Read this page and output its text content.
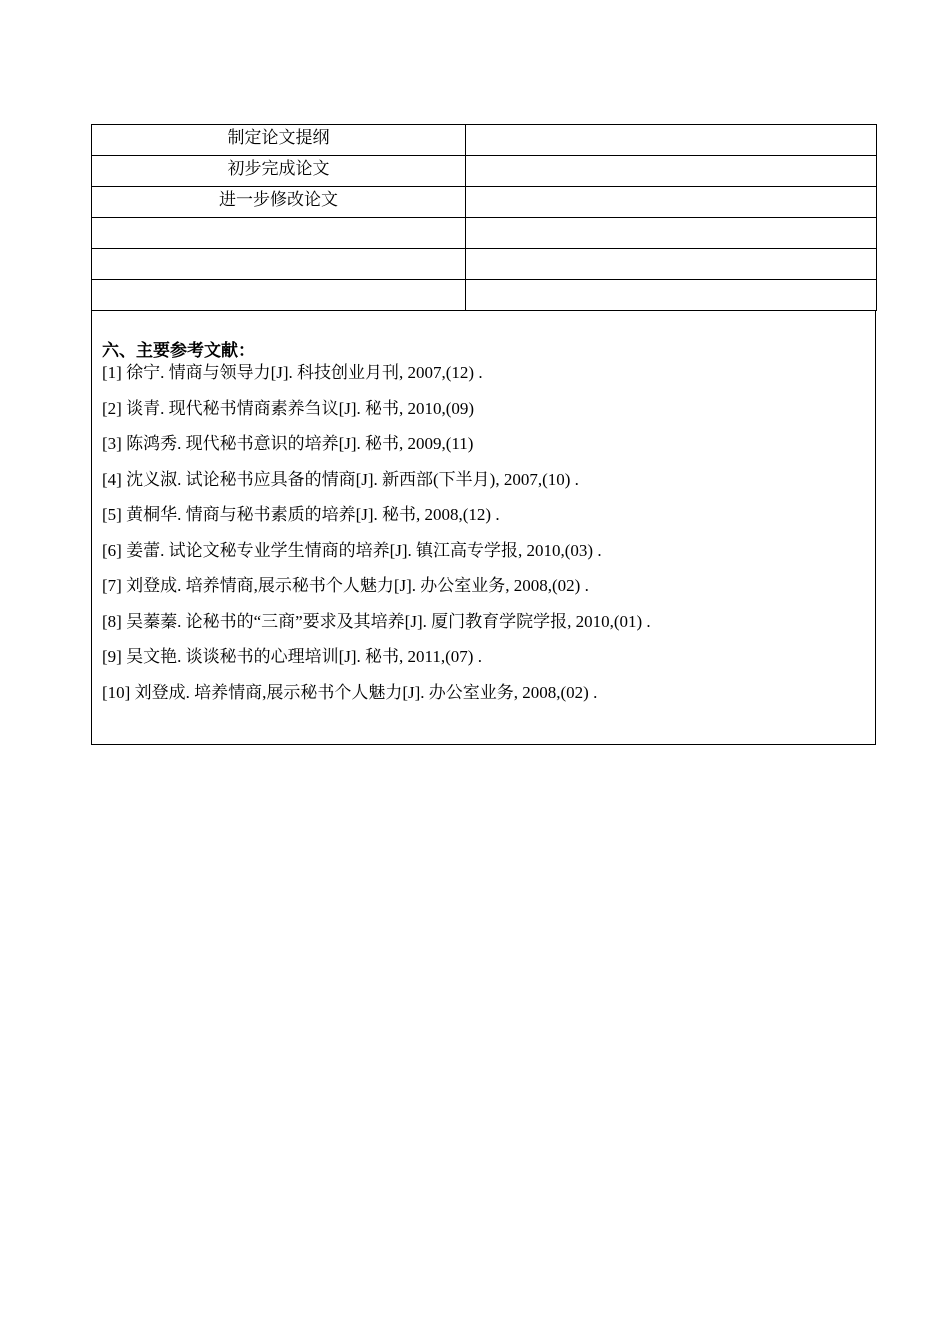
制定论文提纲	
初步完成论文	
进一步修改论文	

六、主要参考文献：
[1] 徐宁. 情商与领导力[J]. 科技创业月刊, 2007,(12) .
[2] 谈青. 现代秘书情商素养刍议[J]. 秘书, 2010,(09)
[3] 陈鸿秀. 现代秘书意识的培养[J]. 秘书, 2009,(11)
[4] 沈义淑. 试论秘书应具备的情商[J]. 新西部(下半月), 2007,(10) .
[5] 黄桐华. 情商与秘书素质的培养[J]. 秘书, 2008,(12) .
[6] 姜蕾. 试论文秘专业学生情商的培养[J]. 镇江高专学报, 2010,(03) .
[7] 刘登成. 培养情商,展示秘书个人魅力[J]. 办公室业务, 2008,(02) .
[8] 吴蓁蓁. 论秘书的“三商”要求及其培养[J]. 厦门教育学院学报, 2010,(01) .
[9] 吴文艳. 谈谈秘书的心理培训[J]. 秘书, 2011,(07) .
[10] 刘登成. 培养情商,展示秘书个人魅力[J]. 办公室业务, 2008,(02) .
